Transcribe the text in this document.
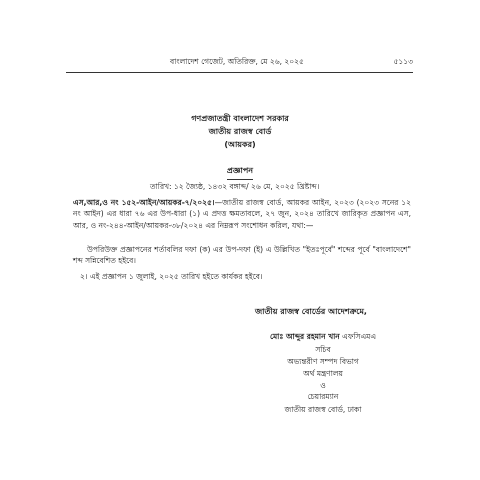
বাংলাদেশ গেজেট, অতিরিক্ত, মে ২৬, ২০২৫	৫১১৩
গণপ্রজাতন্ত্রী বাংলাদেশ সরকার
জাতীয় রাজস্ব বোর্ড
(আয়কর)
প্রজ্ঞাপন
তারিখ: ১২ জ্যৈষ্ঠ, ১৪৩২ বঙ্গাব্দ/ ২৬ মে, ২০২৫ খ্রিষ্টাব্দ।
এস,আর,ও নং ১৫২-আইন/আয়কর-৭/২০২৫।—জাতীয় রাজস্ব বোর্ড, আয়কর আইন, ২০২৩ (২০২৩ সনের ১২ নং আইন) এর ধারা ৭৬ এর উপ-ধারা (১) এ প্রদত্ত ক্ষমতাবলে, ২৭ জুন, ২০২৪ তারিখে জারিকৃত প্রজ্ঞাপন এস, আর, ও নং-২৪৪-আইন/আয়কর-৩৮/২০২৪ এর নিম্নরূপ সংশোধন করিল, যথা:—
উপরিউক্ত প্রজ্ঞাপনের শর্তাবলির দফা (ক) এর উপ-দফা (ই) এ উল্লিখিত "ইতঃপূর্বে" শব্দের পূর্বে "বাংলাদেশে" শব্দ সন্নিবেশিত হইবে।
২। এই প্রজ্ঞাপন ১ জুলাই, ২০২৫ তারিখ হইতে কার্যকর হইবে।
জাতীয় রাজস্ব বোর্ডের আদেশক্রমে,
মোঃ আব্দুর রহমান খান এফসিএমএ
সচিব
অভ্যন্তরীণ সম্পদ বিভাগ
অর্থ মন্ত্রণালয়
ও
চেয়ারম্যান
জাতীয় রাজস্ব বোর্ড, ঢাকা
